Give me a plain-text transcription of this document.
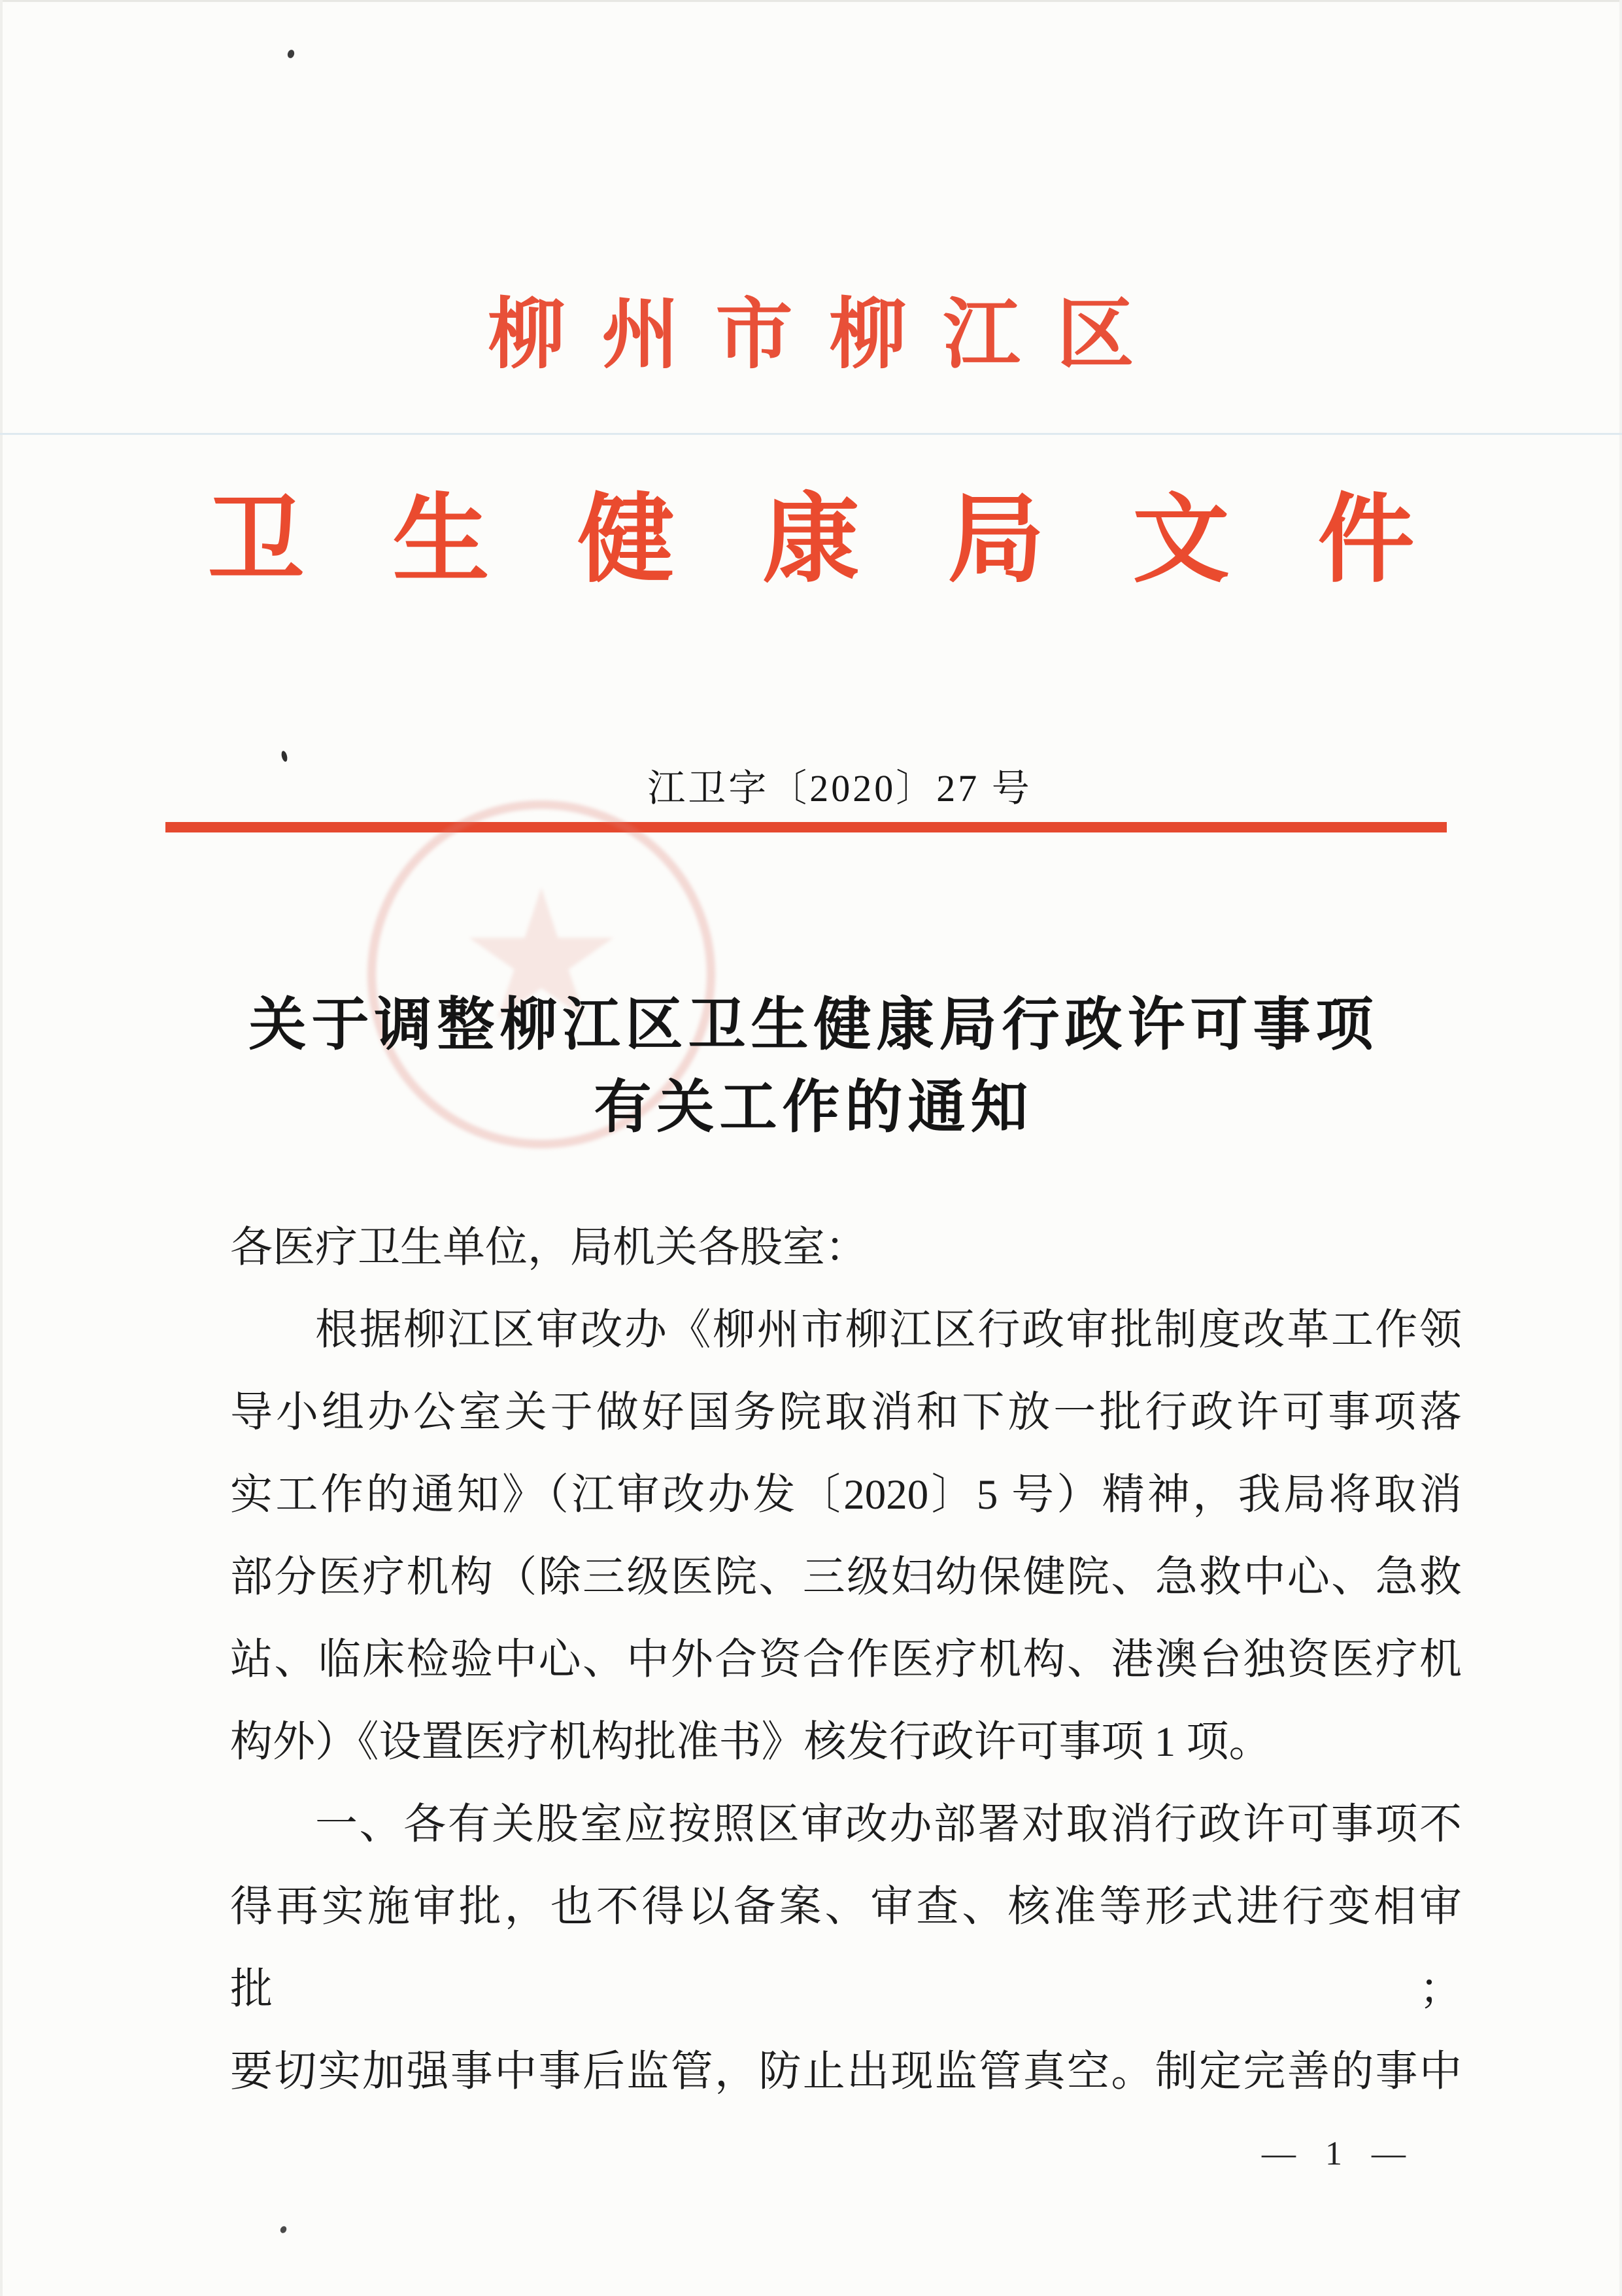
柳州市柳江区
卫生健康局文件
江卫字〔2020〕27 号
关于调整柳江区卫生健康局行政许可事项
有关工作的通知
各医疗卫生单位，局机关各股室：
根据柳江区审改办《柳州市柳江区行政审批制度改革工作领
导小组办公室关于做好国务院取消和下放一批行政许可事项落
实工作的通知》（江审改办发〔2020〕5 号）精神，我局将取消
部分医疗机构（除三级医院、三级妇幼保健院、急救中心、急救
站、临床检验中心、中外合资合作医疗机构、港澳台独资医疗机
构外）《设置医疗机构批准书》核发行政许可事项 1 项。
一、各有关股室应按照区审改办部署对取消行政许可事项不
得再实施审批，也不得以备案、审查、核准等形式进行变相审批；
要切实加强事中事后监管，防止出现监管真空。制定完善的事中
— 1 —
